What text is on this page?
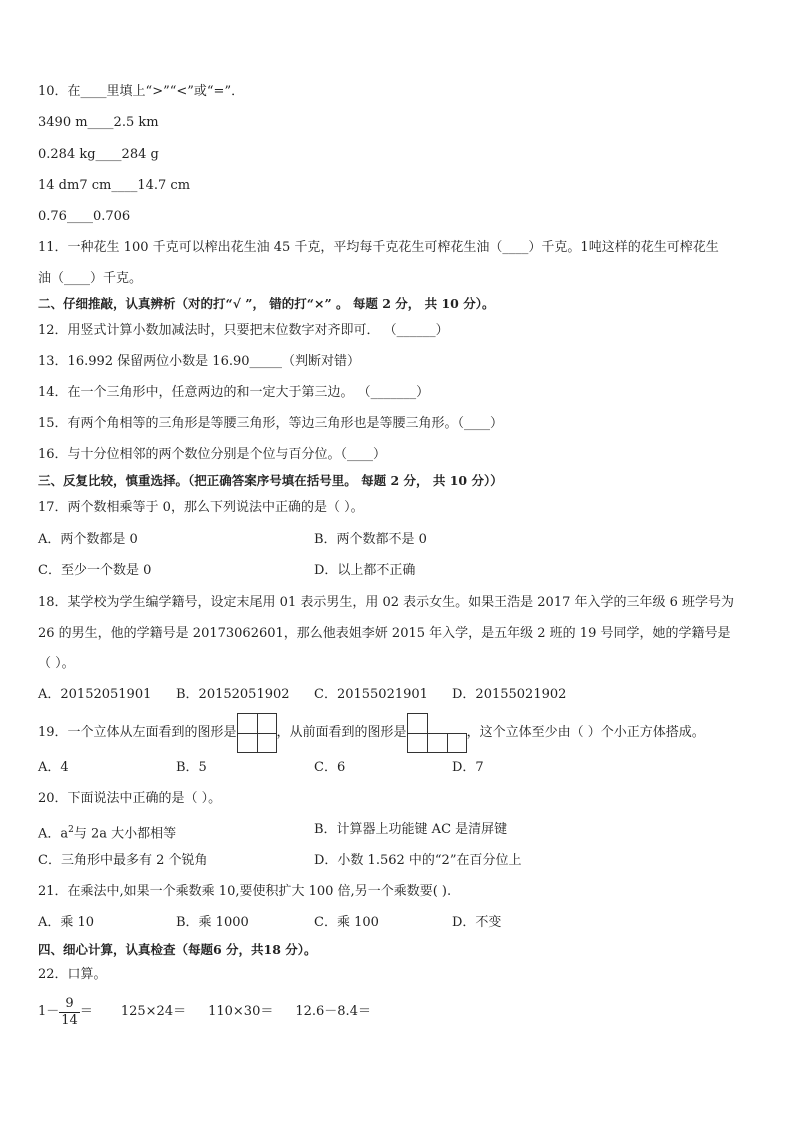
10．在____里填上“>”“<”或“=”．
3490 m____2.5 km
0.284 kg____284 g
14 dm7 cm____14.7 cm
0.76____0.706
11．一种花生 100 千克可以榨出花生油 45 千克，平均每千克花生可榨花生油（____）千克。1吨这样的花生可榨花生
油（____）千克。
二、仔细推敲，认真辨析（对的打“√ ”， 错的打“×” 。 每题 2 分， 共 10 分）。
12．用竖式计算小数加减法时，只要把末位数字对齐即可． （______）
13．16.992 保留两位小数是 16.90_____（判断对错）
14．在一个三角形中，任意两边的和一定大于第三边。 （_______）
15．有两个角相等的三角形是等腰三角形，等边三角形也是等腰三角形。（____）
16．与十分位相邻的两个数位分别是个位与百分位。（____）
三、反复比较，慎重选择。（把正确答案序号填在括号里。 每题 2 分， 共 10 分））
17．两个数相乘等于 0，那么下列说法中正确的是（ ）。
A．两个数都是 0	B．两个数都不是 0
C．至少一个数是 0	D．以上都不正确
18．某学校为学生编学籍号，设定末尾用 01 表示男生，用 02 表示女生。如果王浩是 2017 年入学的三年级 6 班学号为
26 的男生，他的学籍号是 20173062601，那么他表姐李妍 2015 年入学，是五年级 2 班的 19 号同学，她的学籍号是
（ ）。
A．20152051901 B．20152051902 C．20155021901 D．20155021902
19．一个立体从左面看到的图形是	，从前面看到的图形是	，这个立体至少由（ ）个小正方体搭成。
A．4	B．5	C．6	D．7
20．下面说法中正确的是（ ）。
A．$a^2$与 2a 大小都相等	B．计算器上功能键 AC 是清屏键
C．三角形中最多有 2 个锐角	D．小数 1.562 中的“2”在百分位上
21．在乘法中,如果一个乘数乘 10,要使积扩大 100 倍,另一个乘数要( ).
A．乘 10	B．乘 1000	C．乘 100	D．不变
四、细心计算，认真检查（每题6 分，共18 分）。
22．口算。
$1- \frac{9}{14} = 125\times 24= 110\times 30= 12.6-8.4=$
